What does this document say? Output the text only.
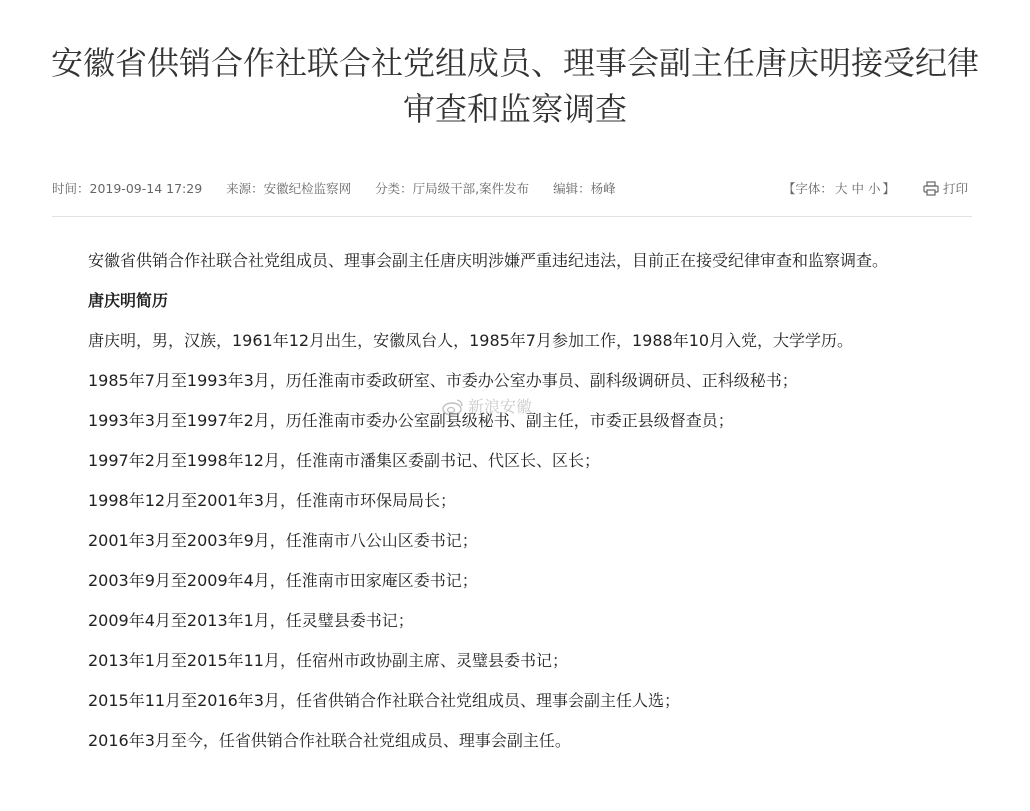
安徽省供销合作社联合社党组成员、理事会副主任唐庆明接受纪律审查和监察调查
时间：2019-09-14 17:29 来源：安徽纪检监察网 分类：厅局级干部,案件发布 编辑：杨峰	【字体： 大 中 小 】	打印

安徽省供销合作社联合社党组成员、理事会副主任唐庆明涉嫌严重违纪违法，目前正在接受纪律审查和监察调查。

唐庆明简历

唐庆明，男，汉族，1961年12月出生，安徽凤台人，1985年7月参加工作，1988年10月入党，大学学历。

1985年7月至1993年3月，历任淮南市委政研室、市委办公室办事员、副科级调研员、正科级秘书；

1993年3月至1997年2月，历任淮南市委办公室副县级秘书、副主任，市委正县级督查员；

1997年2月至1998年12月，任淮南市潘集区委副书记、代区长、区长；

1998年12月至2001年3月，任淮南市环保局局长；

2001年3月至2003年9月，任淮南市八公山区委书记；

2003年9月至2009年4月，任淮南市田家庵区委书记；

2009年4月至2013年1月，任灵璧县委书记；

2013年1月至2015年11月，任宿州市政协副主席、灵璧县委书记；

2015年11月至2016年3月，任省供销合作社联合社党组成员、理事会副主任人选；

2016年3月至今，任省供销合作社联合社党组成员、理事会副主任。

新浪安徽
